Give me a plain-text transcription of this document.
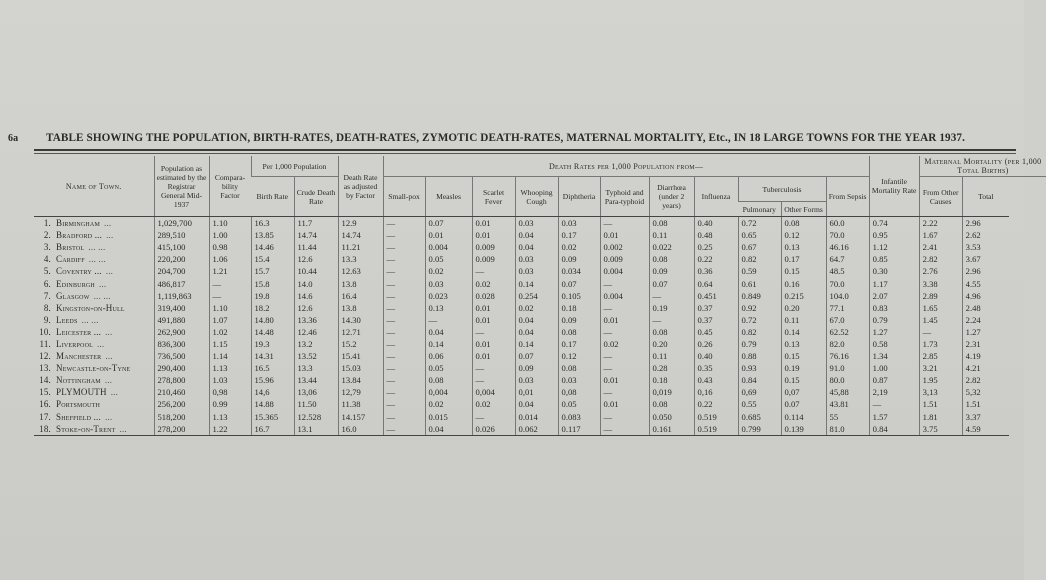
6a TABLE SHOWING THE POPULATION, BIRTH-RATES, DEATH-RATES, ZYMOTIC DEATH-RATES, MATERNAL MORTALITY, Etc., IN 18 LARGE TOWNS FOR THE YEAR 1937.
Name of Town.	Population as estimated by the Registrar General Mid-1937	Compara-bility Factor	Per 1,000 Population		Death Rate as adjusted by Factor	Death Rates per 1,000 Population from—											Infantile Mortality Rate	Maternal Mortality (per 1,000 Total Births)	
			Birth Rate	Crude Death Rate		Small-pox	Measles	Scarlet Fever	Whooping Cough	Diphtheria	Typhoid and Para-typhoid	Diarrhœa (under 2 years)	Influenza	Tuberculosis		From Sepsis		From Other Causes	Total
														Pulmonary	Other Forms				
1. Birmingham ...	1,029,700	1.10	16.3	11.7	12.9	—	0.07	0.01	0.03	0.03	—	0.08	0.40	0.72	0.08	60.0	0.74	2.22	2.96
2. Bradford ... ...	289,510	1.00	13.85	14.74	14.74	—	0.01	0.01	0.04	0.17	0.01	0.11	0.48	0.65	0.12	70.0	0.95	1.67	2.62
3. Bristol ... ...	415,100	0.98	14.46	11.44	11.21	—	0.004	0.009	0.04	0.02	0.002	0.022	0.25	0.67	0.13	46.16	1.12	2.41	3.53
4. Cardiff ... ...	220,200	1.06	15.4	12.6	13.3	—	0.05	0.009	0.03	0.09	0.009	0.08	0.22	0.82	0.17	64.7	0.85	2.82	3.67
5. Coventry ... ...	204,700	1.21	15.7	10.44	12.63	—	0.02	—	0.03	0.034	0.004	0.09	0.36	0.59	0.15	48.5	0.30	2.76	2.96
6. Edinburgh ...	486,817	—	15.8	14.0	13.8	—	0.03	0.02	0.14	0.07	—	0.07	0.64	0.61	0.16	70.0	1.17	3.38	4.55
7. Glasgow ... ...	1,119,863	—	19.8	14.6	16.4	—	0.023	0.028	0.254	0.105	0.004	—	0.451	0.849	0.215	104.0	2.07	2.89	4.96
8. Kingston-on-Hull	319,400	1.10	18.2	12.6	13.8	—	0.13	0.01	0.02	0.18	—	0.19	0.37	0.92	0.20	77.1	0.83	1.65	2.48
9. Leeds ... ...	491,880	1.07	14.80	13.36	14.30	—	—	0.01	0.04	0.09	0.01	—	0.37	0.72	0.11	67.0	0.79	1.45	2.24
10. Leicester ... ...	262,900	1.02	14.48	12.46	12.71	—	0.04	—	0.04	0.08	—	0.08	0.45	0.82	0.14	62.52	1.27	—	1.27
11. Liverpool ...	836,300	1.15	19.3	13.2	15.2	—	0.14	0.01	0.14	0.17	0.02	0.20	0.26	0.79	0.13	82.0	0.58	1.73	2.31
12. Manchester ...	736,500	1.14	14.31	13.52	15.41	—	0.06	0.01	0.07	0.12	—	0.11	0.40	0.88	0.15	76.16	1.34	2.85	4.19
13. Newcastle-on-Tyne	290,400	1.13	16.5	13.3	15.03	—	0.05	—	0.09	0.08	—	0.28	0.35	0.93	0.19	91.0	1.00	3.21	4.21
14. Nottingham ...	278,800	1.03	15.96	13.44	13.84	—	0.08	—	0.03	0.03	0.01	0.18	0.43	0.84	0.15	80.0	0.87	1.95	2.82
15. PLYMOUTH ...	210,460	0,98	14,6	13,06	12,79	—	0,004	0,004	0,01	0,08	—	0,019	0,16	0,69	0,07	45,88	2,19	3,13	5,32
16. Portsmouth	256,200	0.99	14.88	11.50	11.38	—	0.02	0.02	0.04	0.05	0.01	0.08	0.22	0.55	0.07	43.81	—	1.51	1.51
17. Sheffield ... ...	518,200	1.13	15.365	12.528	14.157	—	0.015	—	0.014	0.083	—	0.050	0.519	0.685	0.114	55	1.57	1.81	3.37
18. Stoke-on-Trent ...	278,200	1.22	16.7	13.1	16.0	—	0.04	0.026	0.062	0.117	—	0.161	0.519	0.799	0.139	81.0	0.84	3.75	4.59
